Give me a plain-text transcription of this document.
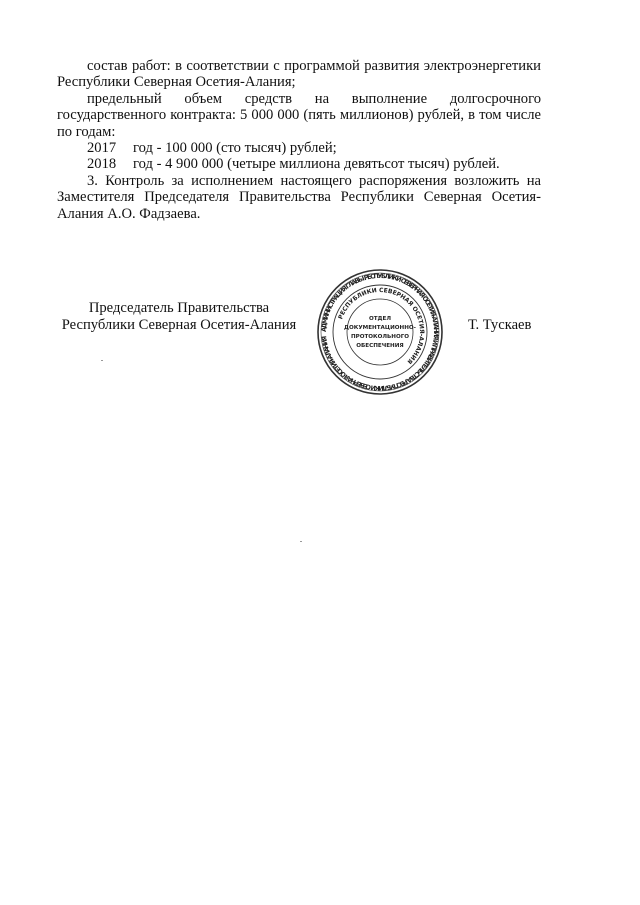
состав работ: в соответствии с программой развития электроэнергетики Республики Северная Осетия-Алания;

предельный объем средств на выполнение долгосрочного государственного контракта: 5 000 000 (пять миллионов) рублей, в том числе по годам:

2017 год - 100 000 (сто тысяч) рублей;
2018 год - 4 900 000 (четыре миллиона девятьсот тысяч) рублей.

3. Контроль за исполнением настоящего распоряжения возложить на Заместителя Председателя Правительства Республики Северная Осетия-Алания А.О. Фадзаева.

Председатель Правительства
Республики Северная Осетия-Алания	АДМИНИСТРАЦИЯ ГЛАВЫ РЕСПУБЛИКИ СЕВЕРНАЯ ОСЕТИЯ-АЛАНИЯ И ПРАВИТЕЛЬСТВА РЕСПУБЛИКИ СЕВЕРНАЯ ОСЕТИЯ-АЛАНИЯ
РЕСПУБЛИКИ СЕВЕРНАЯ ОСЕТИЯ-АЛАНИЯ
ОТДЕЛ
ДОКУМЕНТАЦИОННО-
ПРОТОКОЛЬНОГО
ОБЕСПЕЧЕНИЯ
Т. Тускаев
